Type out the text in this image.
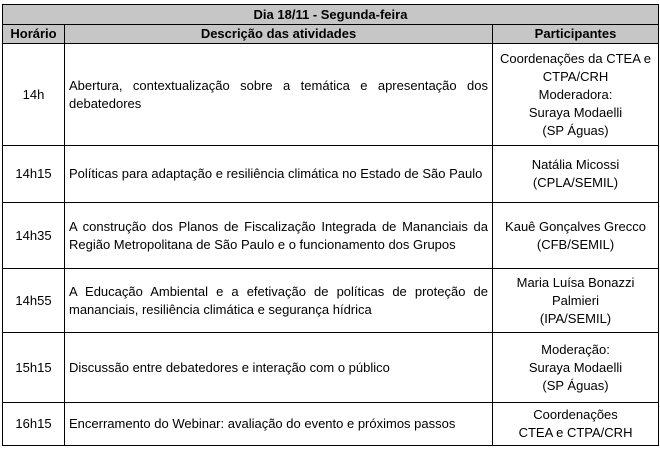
Dia 18/11 - Segunda-feira		
Horário	Descrição das atividades	Participantes
14h	Abertura, contextualização sobre a temática e apresentação dos debatedores	Coordenações da CTEA e
CTPA/CRH
Moderadora:
Suraya Modaelli
(SP Águas)

14h15	Políticas para adaptação e resiliência climática no Estado de São Paulo	Natália Micossi
(CPLA/SEMIL)

14h35	A construção dos Planos de Fiscalização Integrada de Mananciais da Região Metropolitana de São Paulo e o funcionamento dos Grupos	Kauê Gonçalves Grecco
(CFB/SEMIL)

14h55	A Educação Ambiental e a efetivação de políticas de proteção de mananciais, resiliência climática e segurança hídrica	Maria Luísa Bonazzi
Palmieri
(IPA/SEMIL)

15h15	Discussão entre debatedores e interação com o público	Moderação:
Suraya Modaelli
(SP Águas)

16h15	Encerramento do Webinar: avaliação do evento e próximos passos	Coordenações
CTEA e CTPA/CRH
